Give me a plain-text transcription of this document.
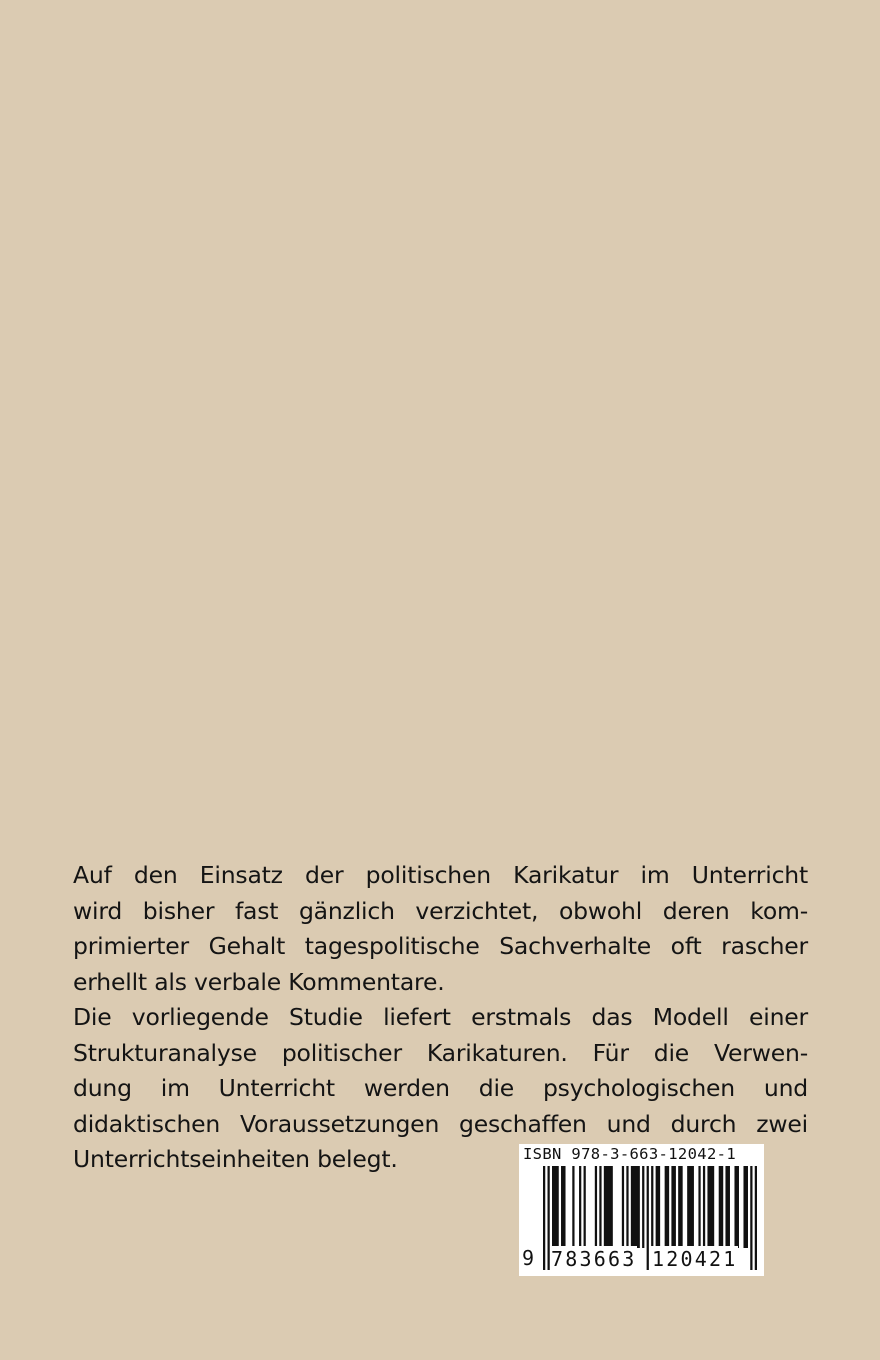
Auf den Einsatz der politischen Karikatur im Unterricht
wird bisher fast gänzlich verzichtet, obwohl deren kom-
primierter Gehalt tagespolitische Sachverhalte oft rascher
erhellt als verbale Kommentare.
Die vorliegende Studie liefert erstmals das Modell einer
Strukturanalyse politischer Karikaturen. Für die Verwen-
dung im Unterricht werden die psychologischen und
didaktischen Voraussetzungen geschaffen und durch zwei
Unterrichtseinheiten belegt.	ISBN 978-3-663-12042-1
9 783663 120421
